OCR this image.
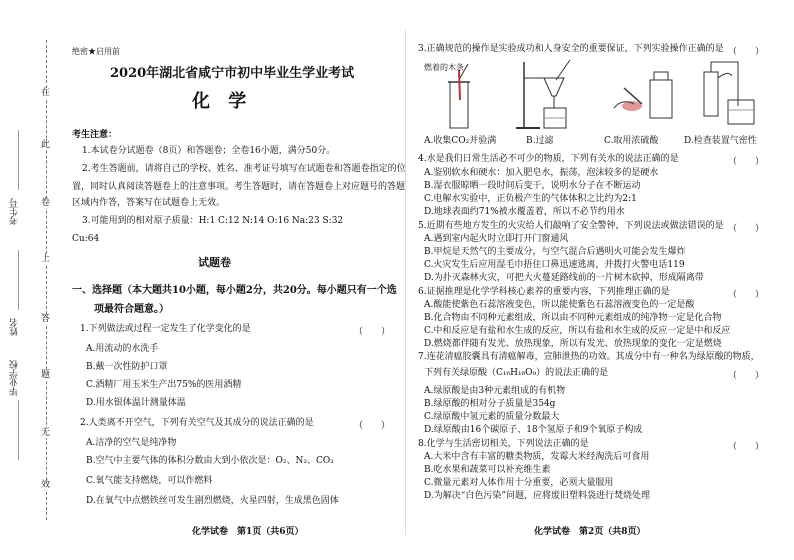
在
此
卷
上
答
题
无
效
考生号
姓名
毕业学校
绝密★启用前
2020年湖北省咸宁市初中毕业生学业考试
化 学
考生注意：
1.本试卷分试题卷（8页）和答题卷；全卷16小题，满分50分。
2.考生答题前，请将自己的学校、姓名、准考证号填写在试题卷和答题卷指定的位
置，同时认真阅读答题卷上的注意事项。考生答题时，请在答题卷上对应题号的答题
区域内作答，答案写在试题卷上无效。
3.可能用到的相对原子质量：H:1 C:12 N:14 O:16 Na:23 S:32
Cu:64
试题卷
一、选择题（本大题共10小题，每小题2分，共20分。每小题只有一个选
项最符合题意。）
1.下列做法或过程一定发生了化学变化的是	（　　）
A.用流动的水洗手
B.戴一次性防护口罩
C.酒精厂用玉米生产出75%的医用酒精
D.用水银体温计测量体温
2.人类离不开空气，下列有关空气及其成分的说法正确的是	（　　）
A.洁净的空气是纯净物
B.空气中主要气体的体积分数由大到小依次是：O₂、N₂、CO₂
C.氧气能支持燃烧，可以作燃料
D.在氧气中点燃铁丝可发生剧烈燃烧，火星四射，生成黑色固体
化学试卷　第1页（共6页）
3.正确规范的操作是实验成功和人身安全的重要保证，下列实验操作正确的是 （　　）
燃着的木条
A.收集CO₂并验满	B.过滤	C.取用浓硫酸	D.检查装置气密性
4.水是我们日常生活必不可少的物质，下列有关水的说法正确的是	（　　）
A.鉴别软水和硬水：加入肥皂水，振荡，泡沫较多的是硬水
B.湿衣服晾晒一段时间后变干，说明水分子在不断运动
C.电解水实验中，正负极产生的气体体积之比约为2:1
D.地球表面约71%被水覆盖着，所以不必节约用水
5.近期有些地方发生的火灾给人们敲响了安全警钟，下列说法或做法错误的是 （　　）
A.遇到室内起火时立即打开门窗通风
B.甲烷是天然气的主要成分，与空气混合后遇明火可能会发生爆炸
C.火灾发生后应用湿毛巾捂住口鼻迅速逃离，并拨打火警电话119
D.为扑灭森林火灾，可把大火蔓延路线前的一片树木砍掉，形成隔离带
6.证据推理是化学学科核心素养的重要内容，下列推理正确的是	（　　）
A.酸能使紫色石蕊溶液变色，所以能使紫色石蕊溶液变色的一定是酸
B.化合物由不同种元素组成，所以由不同种元素组成的纯净物一定是化合物
C.中和反应是有盐和水生成的反应，所以有盐和水生成的反应一定是中和反应
D.燃烧都伴随有发光、放热现象，所以有发光、放热现象的变化一定是燃烧
7.连花清瘟胶囊具有清瘟解毒，宣肺泄热的功效。其成分中有一种名为绿原酸的物质，
下列有关绿原酸（C₁₆H₁₈O₉）的说法正确的是	（　　）
A.绿原酸是由3种元素组成的有机物
B.绿原酸的相对分子质量是354g
C.绿原酸中氢元素的质量分数最大
D.绿原酸由16个碳原子、18个氢原子和9个氧原子构成
8.化学与生活密切相关，下列说法正确的是	（　　）
A.大米中含有丰富的糖类物质，发霉大米经淘洗后可食用
B.吃水果和蔬菜可以补充维生素
C.微量元素对人体作用十分重要，必须大量服用
D.为解决“白色污染”问题，应将废旧塑料袋进行焚烧处理
化学试卷　第2页（共8页）
